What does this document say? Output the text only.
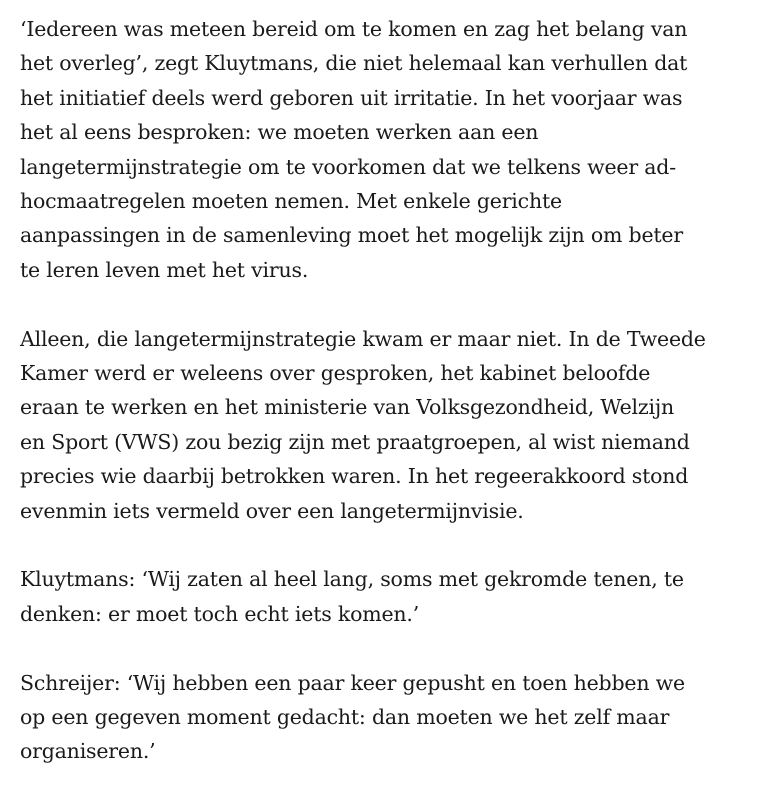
‘Iedereen was meteen bereid om te komen en zag het belang van
het overleg’, zegt Kluytmans, die niet helemaal kan verhullen dat
het initiatief deels werd geboren uit irritatie. In het voorjaar was
het al eens besproken: we moeten werken aan een
langetermijnstrategie om te voorkomen dat we telkens weer ad-
hocmaatregelen moeten nemen. Met enkele gerichte
aanpassingen in de samenleving moet het mogelijk zijn om beter
te leren leven met het virus.

Alleen, die langetermijnstrategie kwam er maar niet. In de Tweede
Kamer werd er weleens over gesproken, het kabinet beloofde
eraan te werken en het ministerie van Volksgezondheid, Welzijn
en Sport (VWS) zou bezig zijn met praatgroepen, al wist niemand
precies wie daarbij betrokken waren. In het regeerakkoord stond
evenmin iets vermeld over een langetermijnvisie.

Kluytmans: ‘Wij zaten al heel lang, soms met gekromde tenen, te
denken: er moet toch echt iets komen.’

Schreijer: ‘Wij hebben een paar keer gepusht en toen hebben we
op een gegeven moment gedacht: dan moeten we het zelf maar
organiseren.’
